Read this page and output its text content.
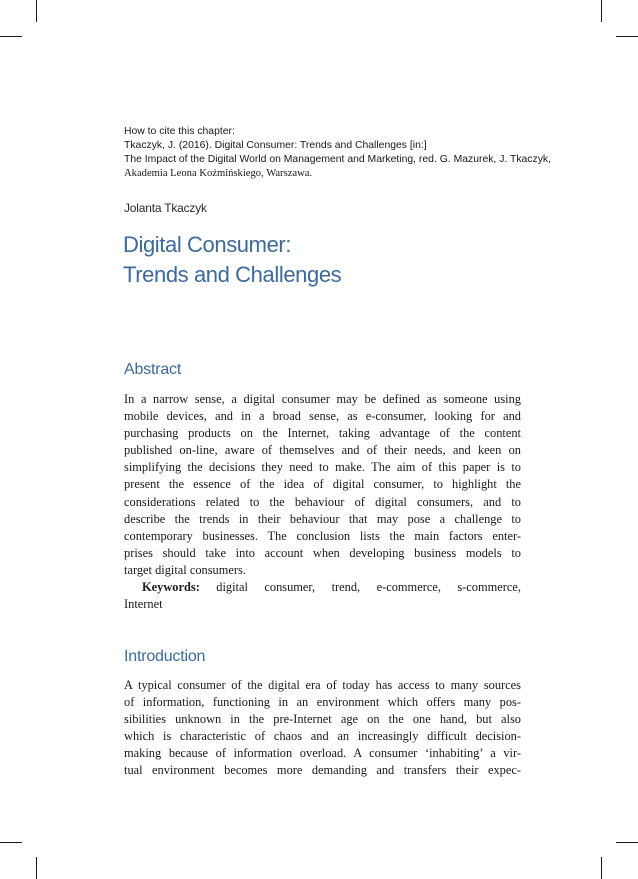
How to cite this chapter:
Tkaczyk, J. (2016). Digital Consumer: Trends and Challenges [in:]
The Impact of the Digital World on Management and Marketing, red. G. Mazurek, J. Tkaczyk,
Akademia Leona Koźmińskiego, Warszawa.
Jolanta Tkaczyk
Digital Consumer:
Trends and Challenges
Abstract
In a narrow sense, a digital consumer may be defined as someone using
mobile devices, and in a broad sense, as e-consumer, looking for and
purchasing products on the Internet, taking advantage of the content
published on-line, aware of themselves and of their needs, and keen on
simplifying the decisions they need to make. The aim of this paper is to
present the essence of the idea of digital consumer, to highlight the
considerations related to the behaviour of digital consumers, and to
describe the trends in their behaviour that may pose a challenge to
contemporary businesses. The conclusion lists the main factors enter-
prises should take into account when developing business models to
target digital consumers.
Keywords: digital consumer, trend, e-commerce, s-commerce,
Internet
Introduction
A typical consumer of the digital era of today has access to many sources
of information, functioning in an environment which offers many pos-
sibilities unknown in the pre-Internet age on the one hand, but also
which is characteristic of chaos and an increasingly difficult decision-
making because of information overload. A consumer ‘inhabiting’ a vir-
tual environment becomes more demanding and transfers their expec-
